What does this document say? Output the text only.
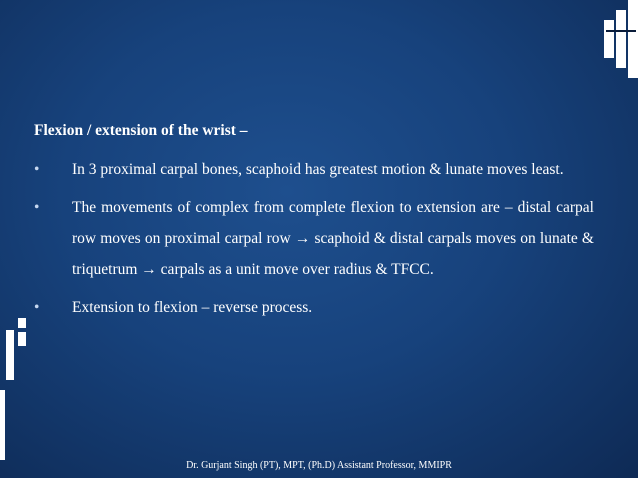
Flexion / extension of the wrist –
• In 3 proximal carpal bones, scaphoid has greatest motion & lunate moves least.
• The movements of complex from complete flexion to extension are – distal carpal row moves on proximal carpal row → scaphoid & distal carpals moves on lunate & triquetrum → carpals as a unit move over radius & TFCC.
• Extension to flexion – reverse process.
Dr. Gurjant Singh (PT), MPT, (Ph.D) Assistant Professor, MMIPR
